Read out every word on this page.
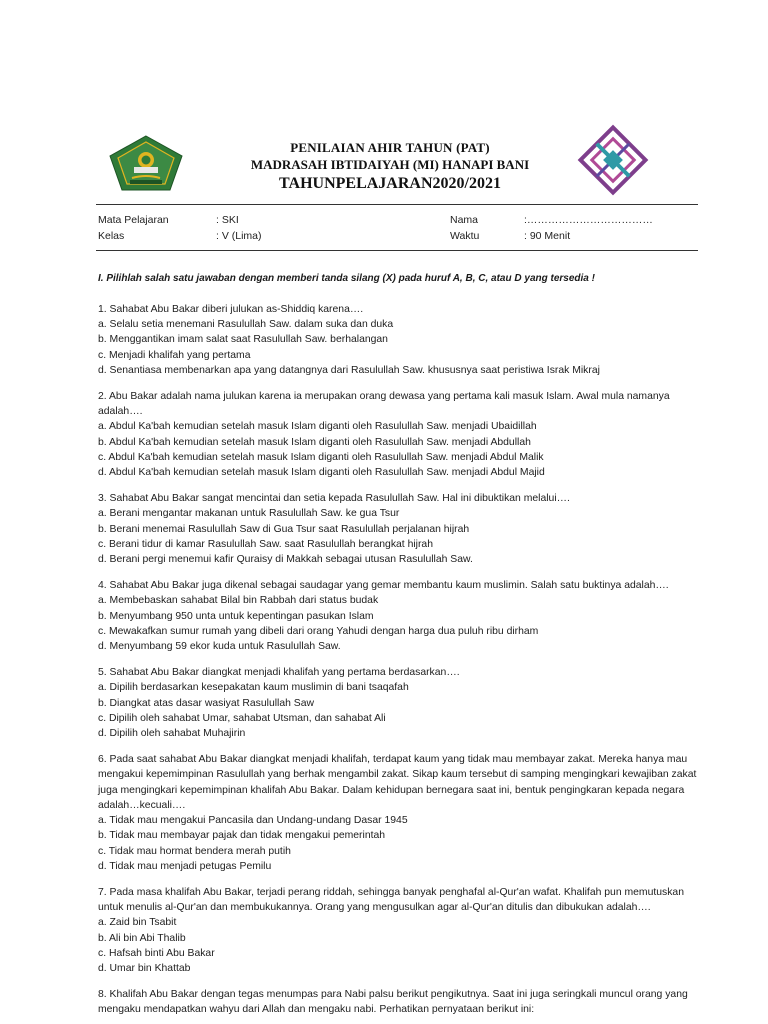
PENILAIAN AHIR TAHUN (PAT)
MADRASAH IBTIDAIYAH (MI) HANAPI BANI
TAHUNPELAJARAN2020/2021
Mata Pelajaran	: SKI
Kelas	: V (Lima)
Nama	:………………………………
Waktu	: 90 Menit
I. Pilihlah salah satu jawaban dengan memberi tanda silang (X) pada huruf A, B, C, atau D yang tersedia !

1. Sahabat Abu Bakar diberi julukan as-Shiddiq karena….

a. Selalu setia menemani Rasulullah Saw. dalam suka dan duka

b. Menggantikan imam salat saat Rasulullah Saw. berhalangan

c. Menjadi khalifah yang pertama

d. Senantiasa membenarkan apa yang datangnya dari Rasulullah Saw. khususnya saat peristiwa Israk Mikraj

2. Abu Bakar adalah nama julukan karena ia merupakan orang dewasa yang pertama kali masuk Islam. Awal mula namanya adalah….

a. Abdul Ka'bah kemudian setelah masuk Islam diganti oleh Rasulullah Saw. menjadi Ubaidillah

b. Abdul Ka'bah kemudian setelah masuk Islam diganti oleh Rasulullah Saw. menjadi Abdullah

c. Abdul Ka'bah kemudian setelah masuk Islam diganti oleh Rasulullah Saw. menjadi Abdul Malik

d. Abdul Ka'bah kemudian setelah masuk Islam diganti oleh Rasulullah Saw. menjadi Abdul Majid

3. Sahabat Abu Bakar sangat mencintai dan setia kepada Rasulullah Saw. Hal ini dibuktikan melalui….

a. Berani mengantar makanan untuk Rasulullah Saw. ke gua Tsur

b. Berani menemai Rasulullah Saw di Gua Tsur saat Rasulullah perjalanan hijrah

c. Berani tidur di kamar Rasulullah Saw. saat Rasulullah berangkat hijrah

d. Berani pergi menemui kafir Quraisy di Makkah sebagai utusan Rasulullah Saw.

4. Sahabat Abu Bakar juga dikenal sebagai saudagar yang gemar membantu kaum muslimin. Salah satu buktinya adalah….

a. Membebaskan sahabat Bilal bin Rabbah dari status budak

b. Menyumbang 950 unta untuk kepentingan pasukan Islam

c. Mewakafkan sumur rumah yang dibeli dari orang Yahudi dengan harga dua puluh ribu dirham

d. Menyumbang 59 ekor kuda untuk Rasulullah Saw.

5. Sahabat Abu Bakar diangkat menjadi khalifah yang pertama berdasarkan….

a. Dipilih berdasarkan kesepakatan kaum muslimin di bani tsaqafah

b. Diangkat atas dasar wasiyat Rasulullah Saw

c. Dipilih oleh sahabat Umar, sahabat Utsman, dan sahabat Ali

d. Dipilih oleh sahabat Muhajirin

6. Pada saat sahabat Abu Bakar diangkat menjadi khalifah, terdapat kaum yang tidak mau membayar zakat. Mereka hanya mau mengakui kepemimpinan Rasulullah yang berhak mengambil zakat. Sikap kaum tersebut di samping mengingkari kewajiban zakat juga mengingkari kepemimpinan khalifah Abu Bakar. Dalam kehidupan bernegara saat ini, bentuk pengingkaran kepada negara adalah…kecuali….

a. Tidak mau mengakui Pancasila dan Undang-undang Dasar 1945

b. Tidak mau membayar pajak dan tidak mengakui pemerintah

c. Tidak mau hormat bendera merah putih

d. Tidak mau menjadi petugas Pemilu

7. Pada masa khalifah Abu Bakar, terjadi perang riddah, sehingga banyak penghafal al-Qur'an wafat. Khalifah pun memutuskan untuk menulis al-Qur'an dan membukukannya. Orang yang mengusulkan agar al-Qur'an ditulis dan dibukukan adalah….

a. Zaid bin Tsabit

b. Ali bin Abi Thalib

c. Hafsah binti Abu Bakar

d. Umar bin Khattab

8. Khalifah Abu Bakar dengan tegas menumpas para Nabi palsu berikut pengikutnya. Saat ini juga seringkali muncul orang yang mengaku mendapatkan wahyu dari Allah dan mengaku nabi. Perhatikan pernyataan berikut ini:
